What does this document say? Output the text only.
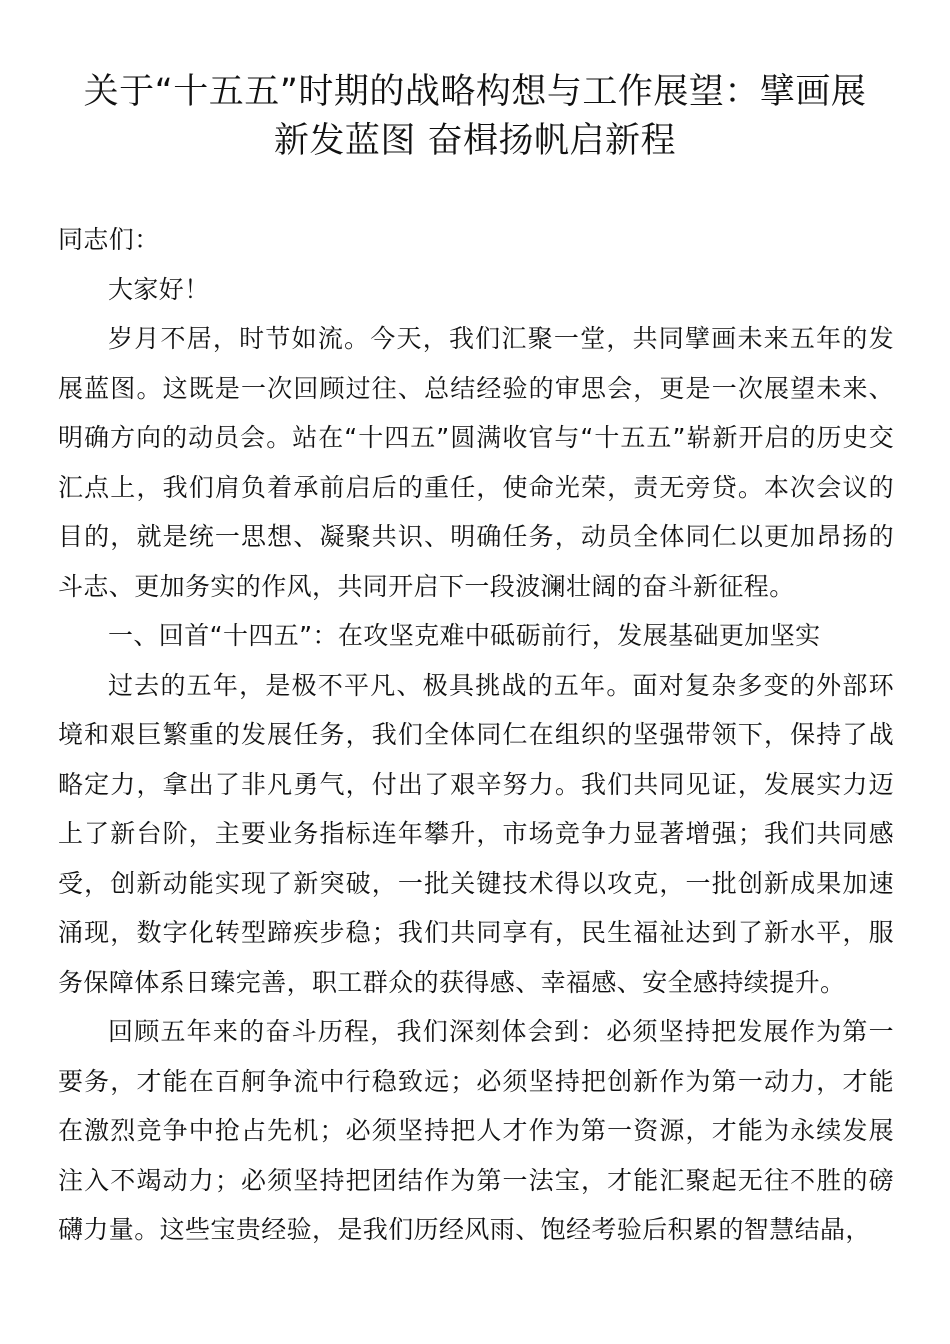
关于“十五五”时期的战略构想与工作展望：擘画展
新发蓝图 奋楫扬帆启新程

同志们：

大家好！

岁月不居，时节如流。今天，我们汇聚一堂，共同擘画未来五年的发展蓝图。这既是一次回顾过往、总结经验的审思会，更是一次展望未来、明确方向的动员会。站在“十四五”圆满收官与“十五五”崭新开启的历史交汇点上，我们肩负着承前启后的重任，使命光荣，责无旁贷。本次会议的目的，就是统一思想、凝聚共识、明确任务，动员全体同仁以更加昂扬的斗志、更加务实的作风，共同开启下一段波澜壮阔的奋斗新征程。

一、回首“十四五”：在攻坚克难中砥砺前行，发展基础更加坚实

过去的五年，是极不平凡、极具挑战的五年。面对复杂多变的外部环境和艰巨繁重的发展任务，我们全体同仁在组织的坚强带领下，保持了战略定力，拿出了非凡勇气，付出了艰辛努力。我们共同见证，发展实力迈上了新台阶，主要业务指标连年攀升，市场竞争力显著增强；我们共同感受，创新动能实现了新突破，一批关键技术得以攻克，一批创新成果加速涌现，数字化转型蹄疾步稳；我们共同享有，民生福祉达到了新水平，服务保障体系日臻完善，职工群众的获得感、幸福感、安全感持续提升。

回顾五年来的奋斗历程，我们深刻体会到：必须坚持把发展作为第一要务，才能在百舸争流中行稳致远；必须坚持把创新作为第一动力，才能在激烈竞争中抢占先机；必须坚持把人才作为第一资源，才能为永续发展注入不竭动力；必须坚持把团结作为第一法宝，才能汇聚起无往不胜的磅礴力量。这些宝贵经验，是我们历经风雨、饱经考验后积累的智慧结晶，
